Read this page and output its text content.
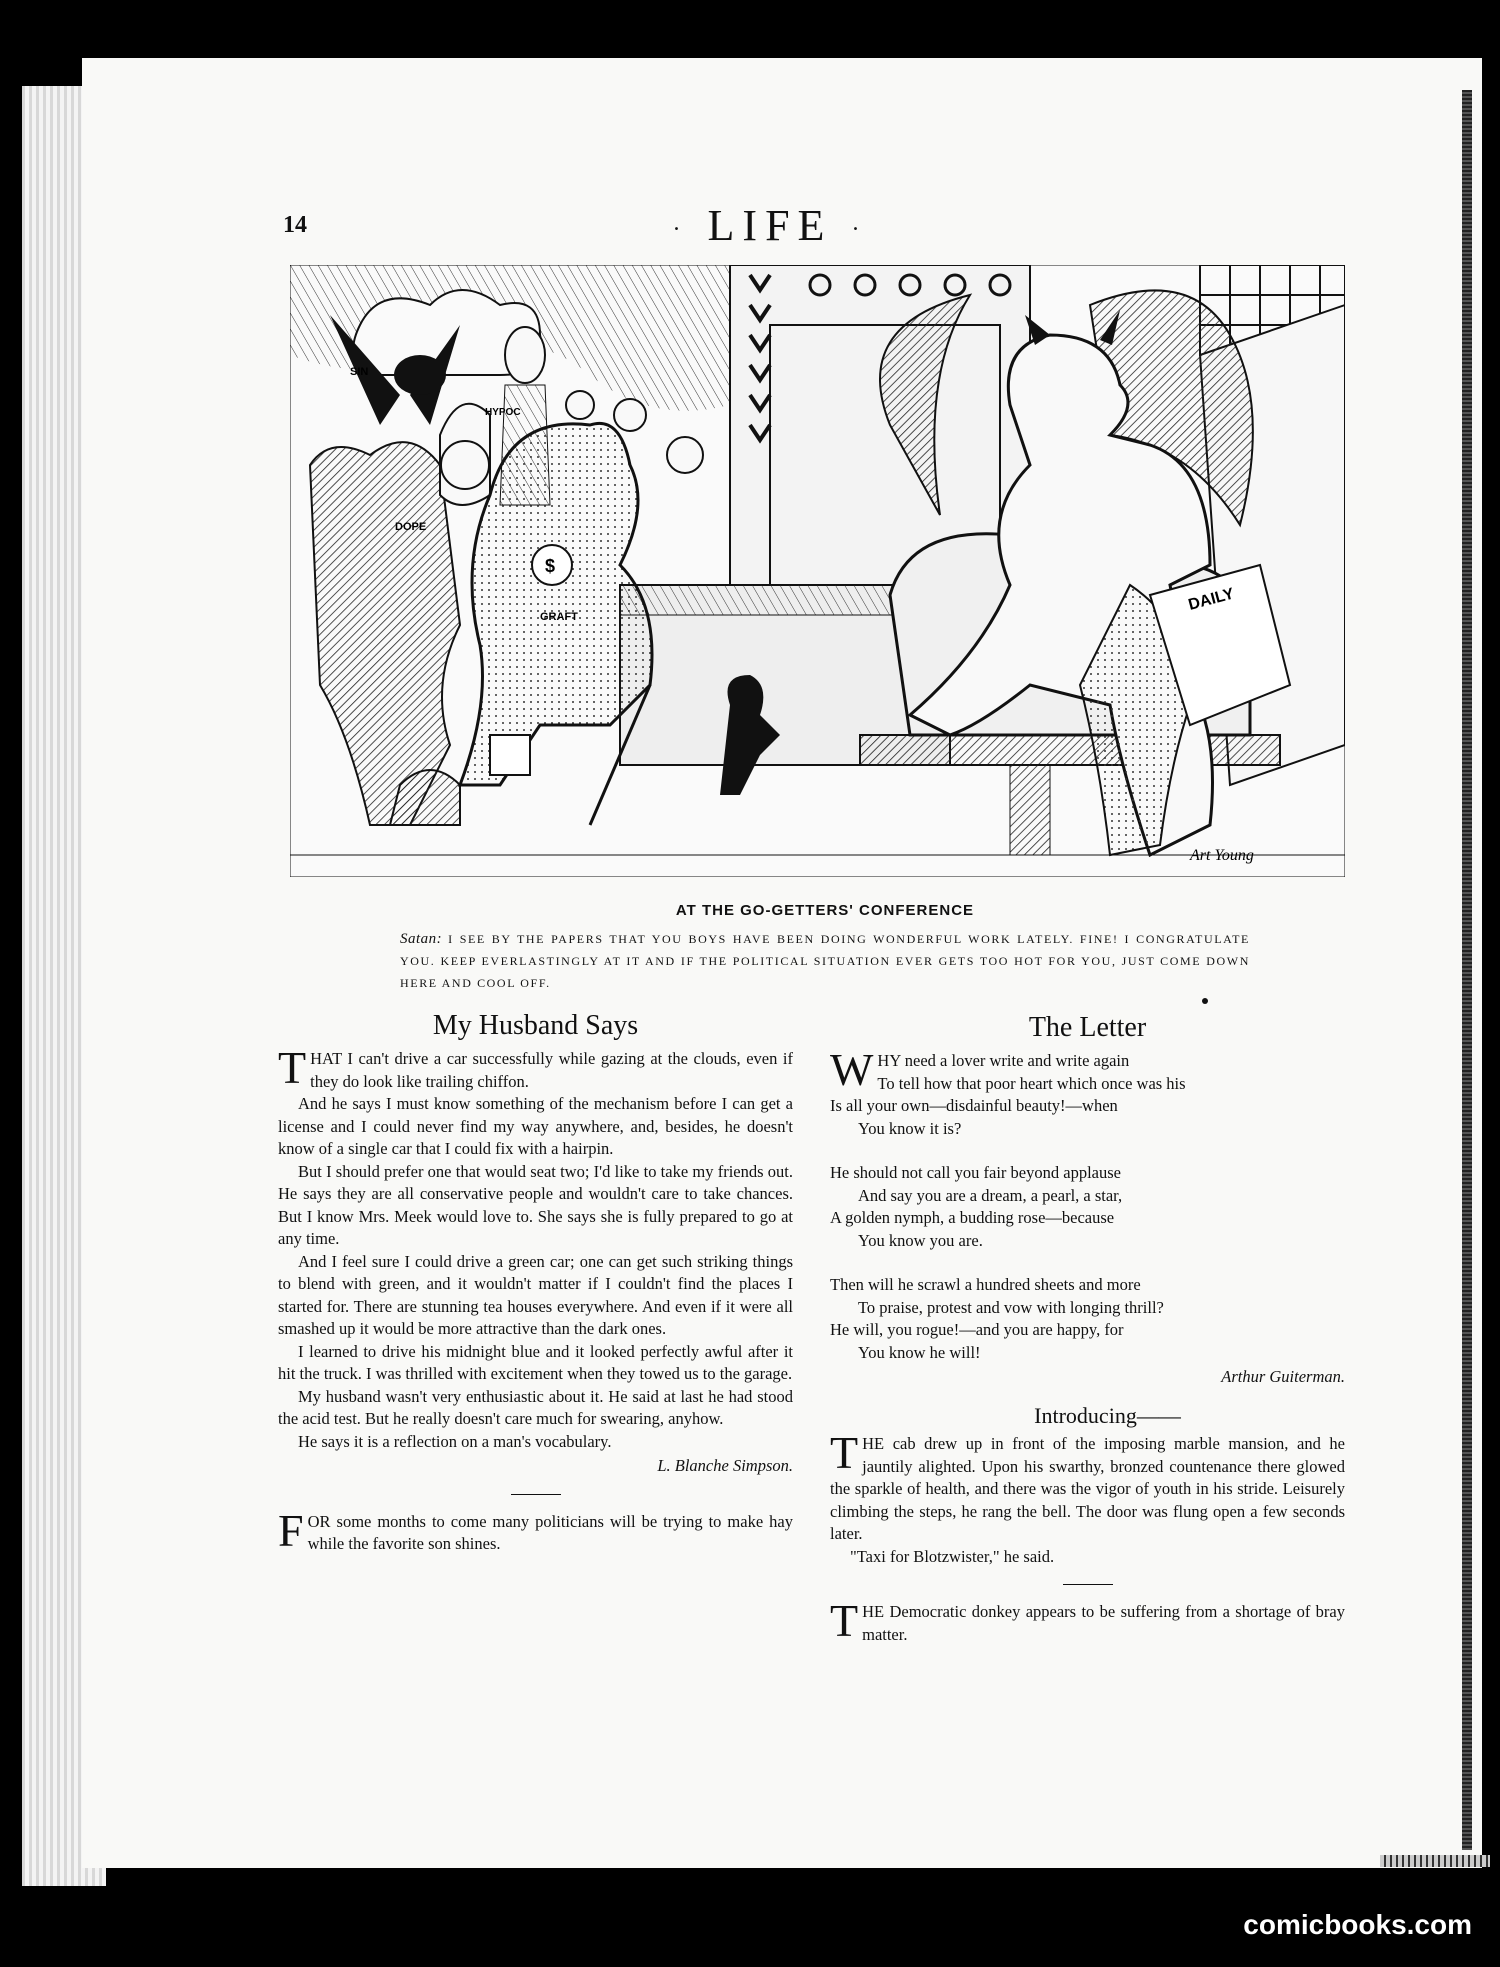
14	· LIFE ·
DAILY
$
GRAFT
DOPE
SIN
HYPOC
Art Young
AT THE GO-GETTERS' CONFERENCE
Satan: I SEE BY THE PAPERS THAT YOU BOYS HAVE BEEN DOING WONDERFUL WORK LATELY. FINE! I CONGRATULATE YOU. KEEP EVERLASTINGLY AT IT AND IF THE POLITICAL SITUATION EVER GETS TOO HOT FOR YOU, JUST COME DOWN HERE AND COOL OFF.
My Husband Says

THAT I can't drive a car successfully while gazing at the clouds, even if they do look like trailing chiffon.

And he says I must know something of the mechanism before I can get a license and I could never find my way anywhere, and, besides, he doesn't know of a single car that I could fix with a hairpin.

But I should prefer one that would seat two; I'd like to take my friends out. He says they are all conservative people and wouldn't care to take chances. But I know Mrs. Meek would love to. She says she is fully prepared to go at any time.

And I feel sure I could drive a green car; one can get such striking things to blend with green, and it wouldn't matter if I couldn't find the places I started for. There are stunning tea houses everywhere. And even if it were all smashed up it would be more attractive than the dark ones.

I learned to drive his midnight blue and it looked perfectly awful after it hit the truck. I was thrilled with excitement when they towed us to the garage.

My husband wasn't very enthusiastic about it. He said at last he had stood the acid test. But he really doesn't care much for swearing, anyhow.

He says it is a reflection on a man's vocabulary.

L. Blanche Simpson.

FOR some months to come many politicians will be trying to make hay while the favorite son shines.

The Letter
W HY need a lover write and write again
To tell how that poor heart which once was his
Is all your own—disdainful beauty!—when
You know it is?
He should not call you fair beyond applause
And say you are a dream, a pearl, a star,
A golden nymph, a budding rose—because
You know you are.
Then will he scrawl a hundred sheets and more
To praise, protest and vow with longing thrill?
He will, you rogue!—and you are happy, for
You know he will!
Arthur Guiterman.
Introducing——

THE cab drew up in front of the imposing marble mansion, and he jauntily alighted. Upon his swarthy, bronzed countenance there glowed the sparkle of health, and there was the vigor of youth in his stride. Leisurely climbing the steps, he rang the bell. The door was flung open a few seconds later.

"Taxi for Blotzwister," he said.

THE Democratic donkey appears to be suffering from a shortage of bray matter.

comicbooks.com
